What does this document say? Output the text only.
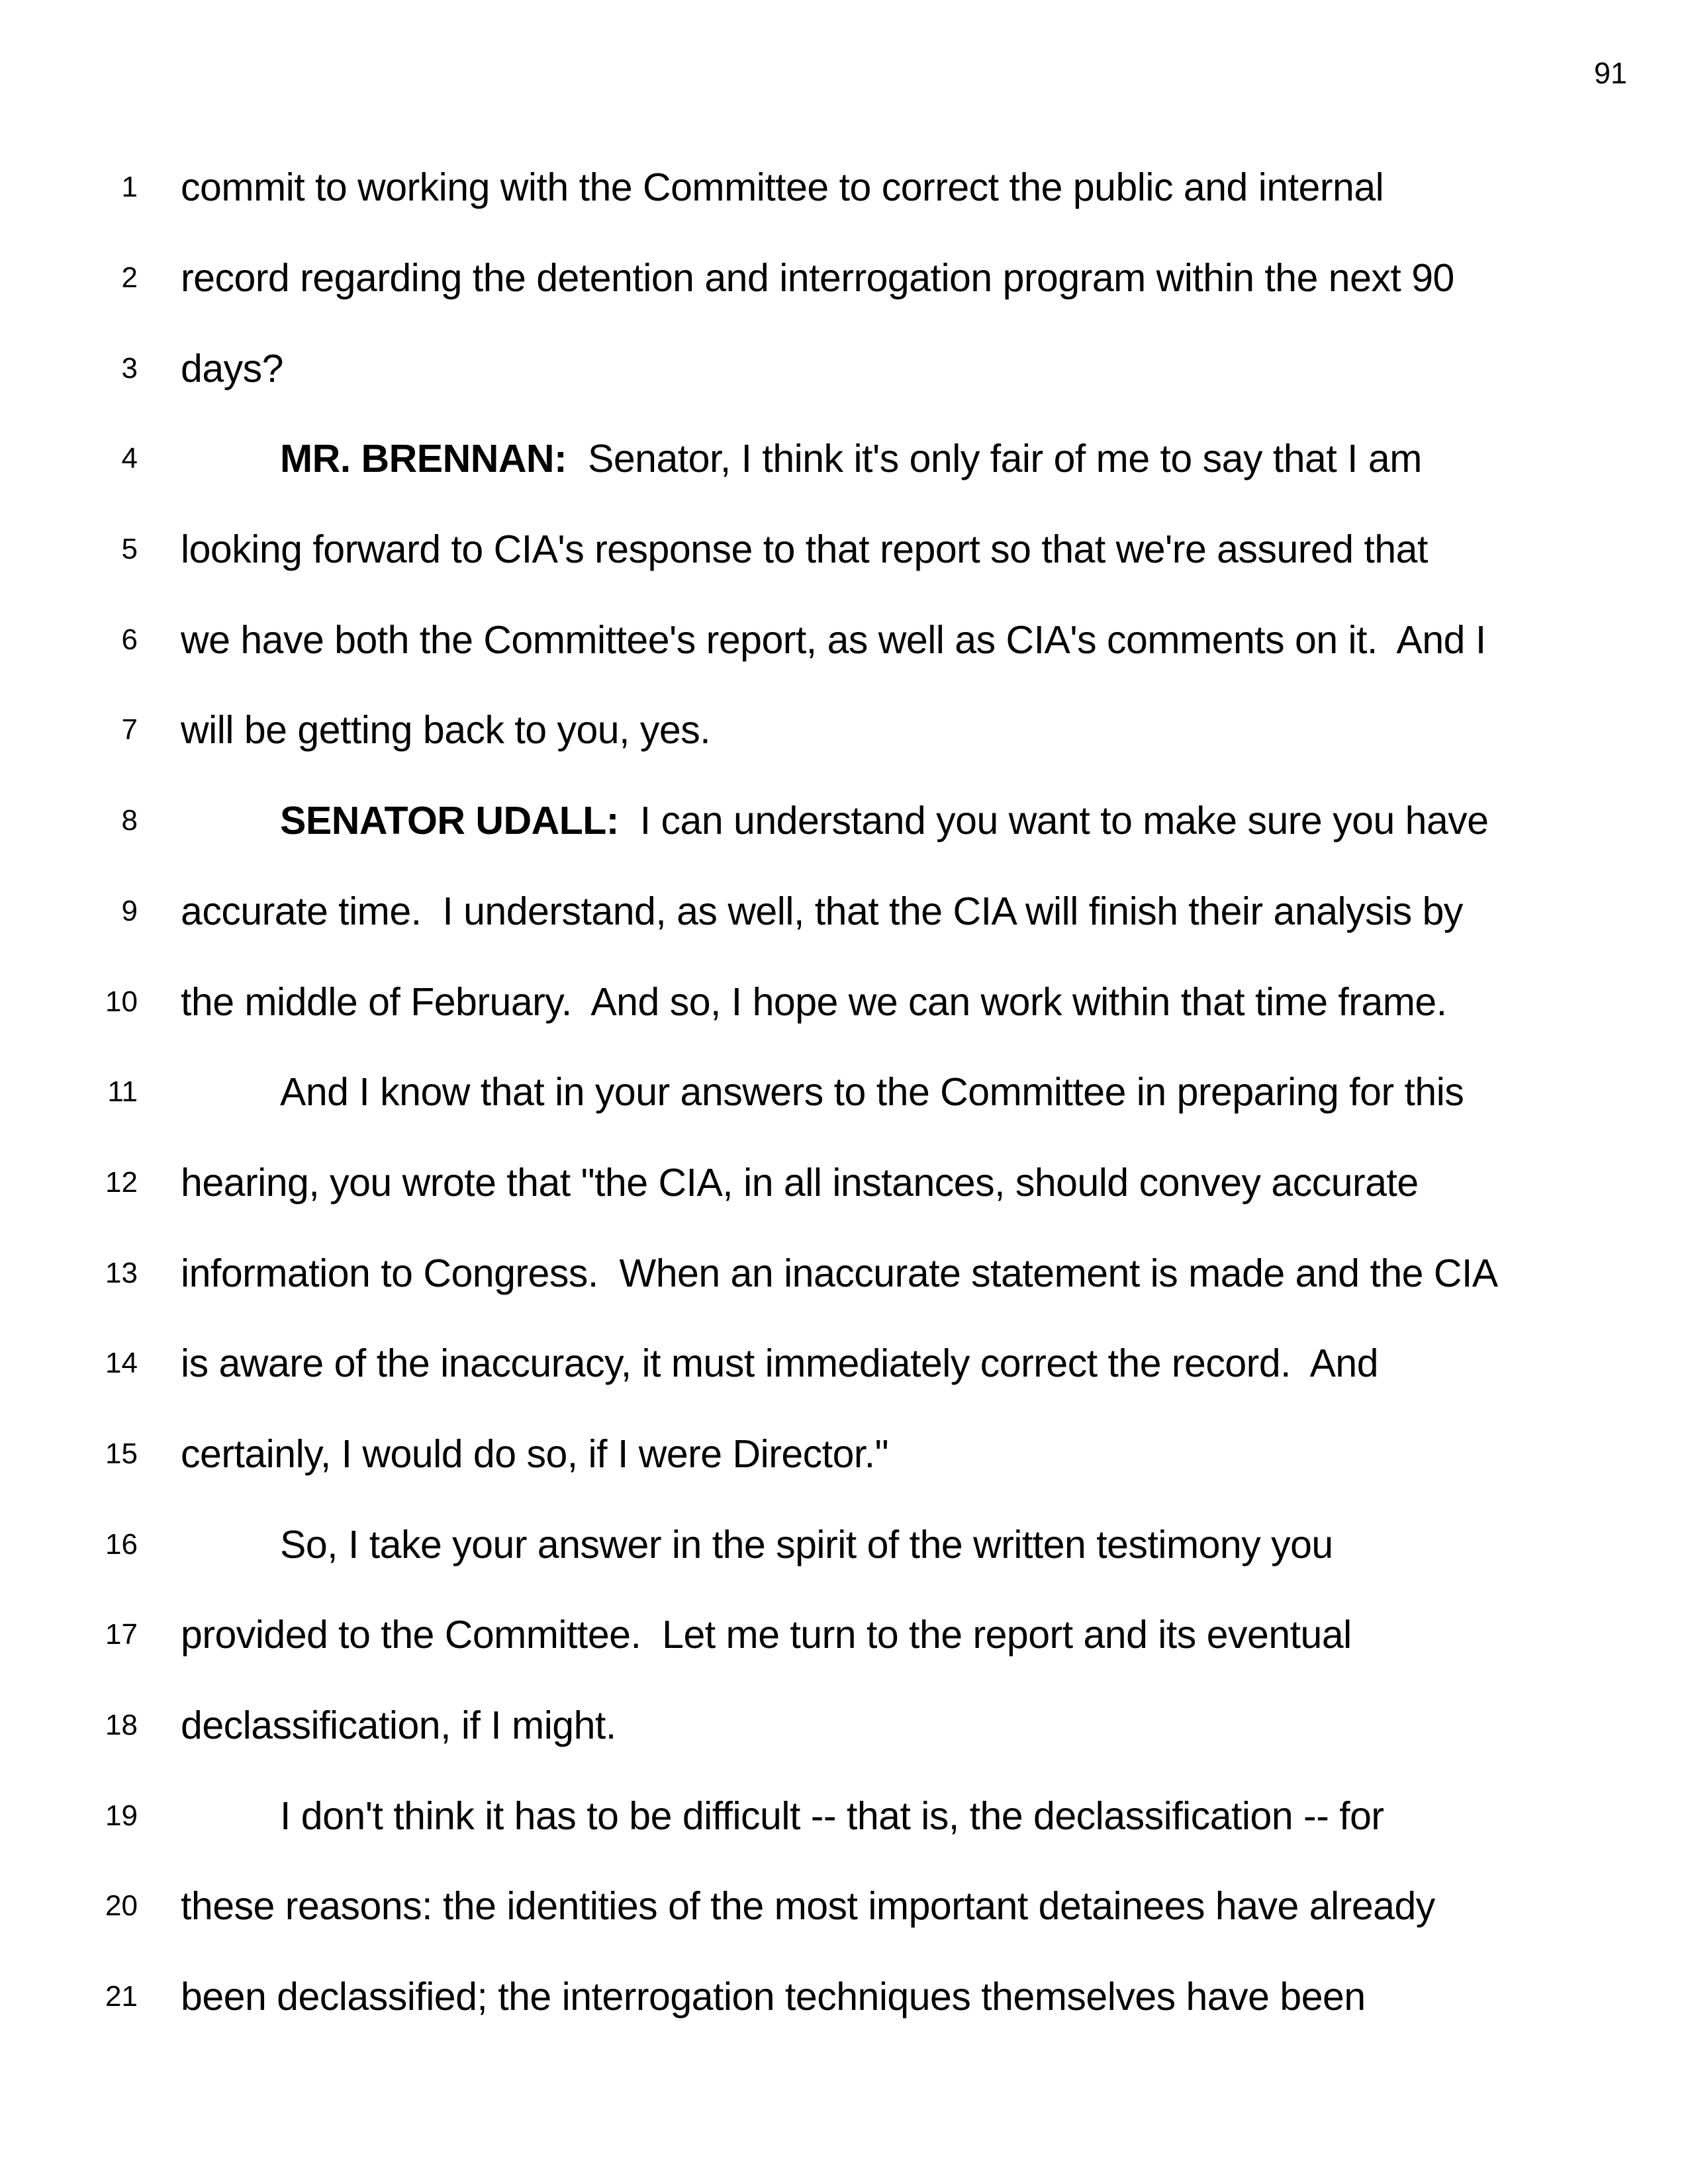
91
1 commit to working with the Committee to correct the public and internal
2 record regarding the detention and interrogation program within the next 90
3 days?
4	MR. BRENNAN:  Senator, I think it's only fair of me to say that I am
5 looking forward to CIA's response to that report so that we're assured that
6 we have both the Committee's report, as well as CIA's comments on it.  And I
7 will be getting back to you, yes.
8	SENATOR UDALL:  I can understand you want to make sure you have
9 accurate time.  I understand, as well, that the CIA will finish their analysis by
10 the middle of February.  And so, I hope we can work within that time frame.
11	And I know that in your answers to the Committee in preparing for this
12 hearing, you wrote that "the CIA, in all instances, should convey accurate
13 information to Congress.  When an inaccurate statement is made and the CIA
14 is aware of the inaccuracy, it must immediately correct the record.  And
15 certainly, I would do so, if I were Director."
16	So, I take your answer in the spirit of the written testimony you
17 provided to the Committee.  Let me turn to the report and its eventual
18 declassification, if I might.
19	I don't think it has to be difficult -- that is, the declassification -- for
20 these reasons: the identities of the most important detainees have already
21 been declassified; the interrogation techniques themselves have been
